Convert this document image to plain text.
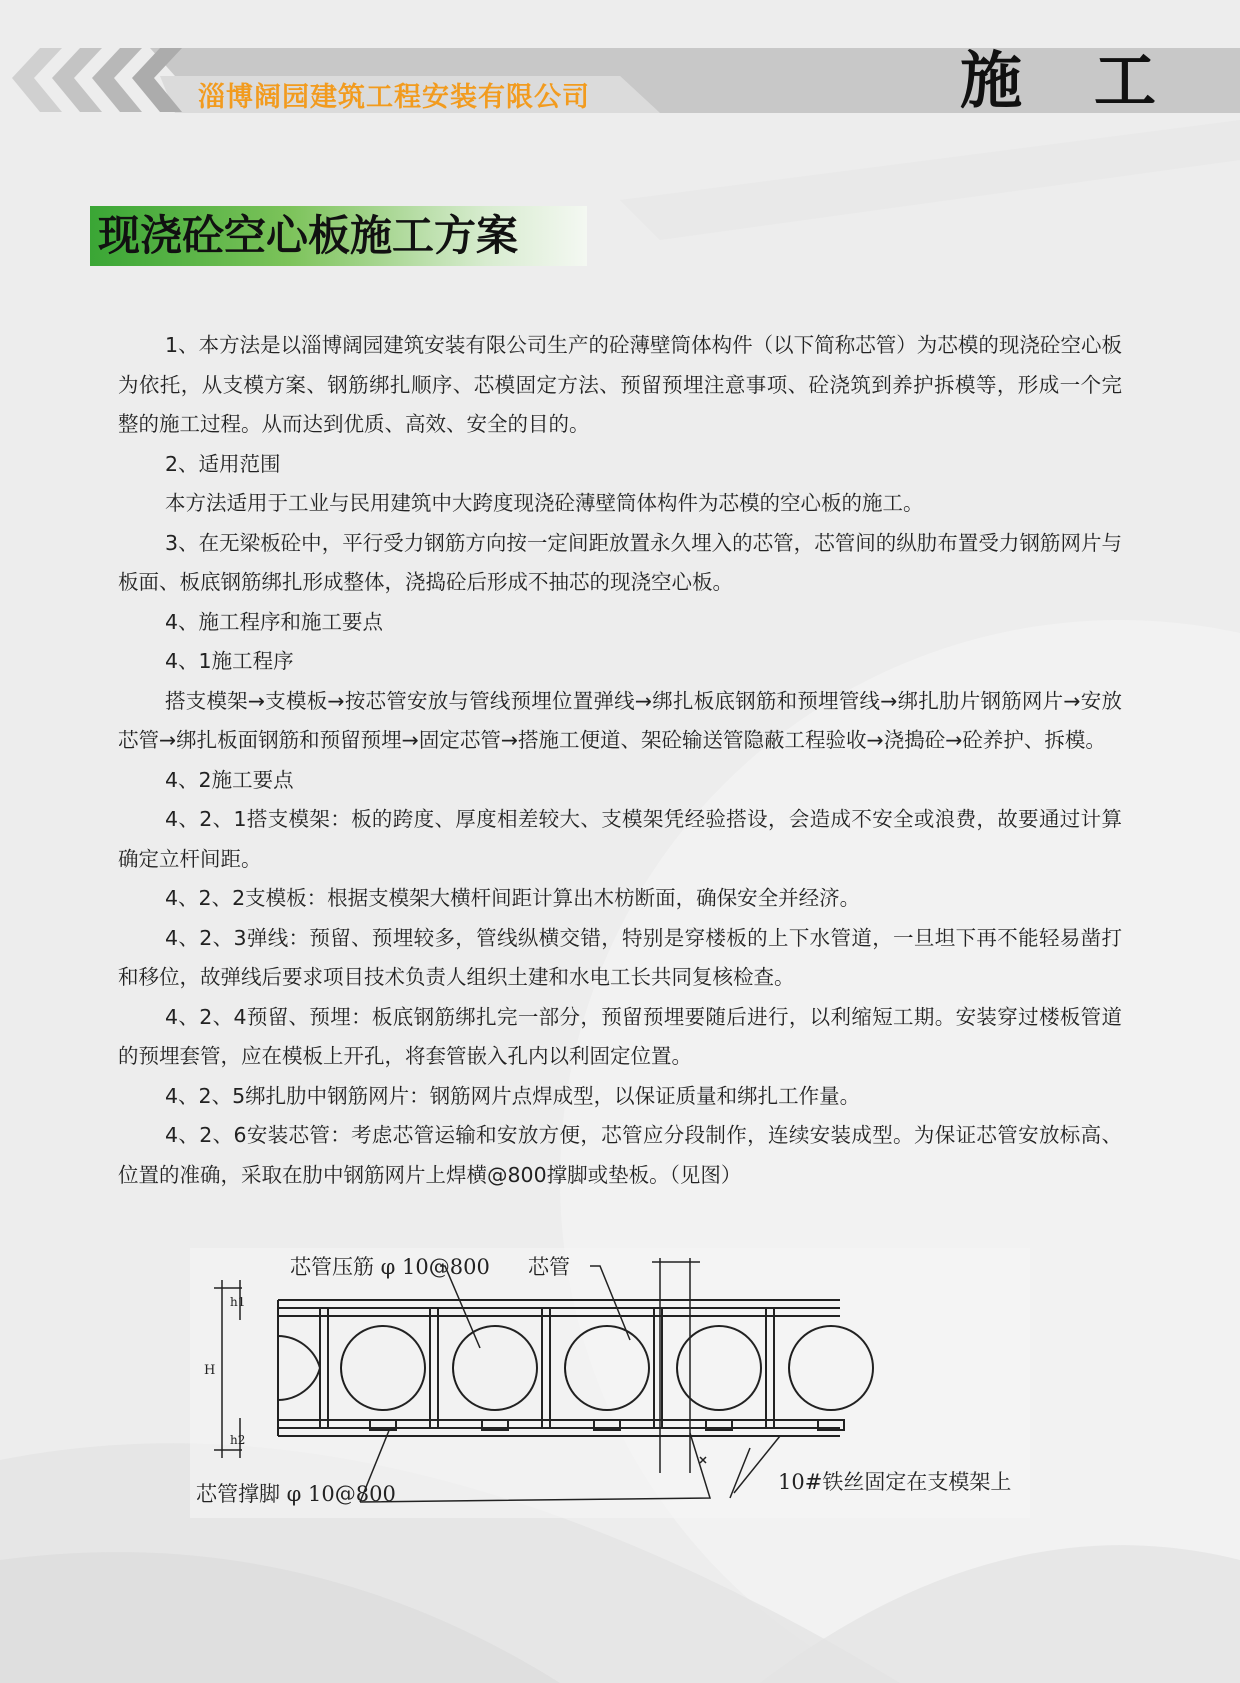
淄博阔园建筑工程安装有限公司	施工
现浇砼空心板施工方案

1、本方法是以淄博阔园建筑安装有限公司生产的砼薄壁筒体构件（以下简称芯管）为芯模的现浇砼空心板为依托，从支模方案、钢筋绑扎顺序、芯模固定方法、预留预埋注意事项、砼浇筑到养护拆模等，形成一个完整的施工过程。从而达到优质、高效、安全的目的。

2、适用范围

本方法适用于工业与民用建筑中大跨度现浇砼薄壁筒体构件为芯模的空心板的施工。

3、在无梁板砼中，平行受力钢筋方向按一定间距放置永久埋入的芯管，芯管间的纵肋布置受力钢筋网片与板面、板底钢筋绑扎形成整体，浇捣砼后形成不抽芯的现浇空心板。

4、施工程序和施工要点

4、1施工程序

搭支模架→支模板→按芯管安放与管线预埋位置弹线→绑扎板底钢筋和预埋管线→绑扎肋片钢筋网片→安放芯管→绑扎板面钢筋和预留预埋→固定芯管→搭施工便道、架砼输送管隐蔽工程验收→浇搗砼→砼养护、拆模。

4、2施工要点

4、2、1搭支模架：板的跨度、厚度相差较大、支模架凭经验搭设，会造成不安全或浪费，故要通过计算确定立杆间距。

4、2、2支模板：根据支模架大横杆间距计算出木枋断面，确保安全并经济。

4、2、3弹线：预留、预埋较多，管线纵横交错，特别是穿楼板的上下水管道，一旦坦下再不能轻易凿打和移位，故弹线后要求项目技术负责人组织土建和水电工长共同复核检查。

4、2、4预留、预埋：板底钢筋绑扎完一部分，预留预埋要随后进行，以利缩短工期。安装穿过楼板管道的预埋套管，应在模板上开孔，将套管嵌入孔内以利固定位置。

4、2、5绑扎肋中钢筋网片：钢筋网片点焊成型，以保证质量和绑扎工作量。

4、2、6安装芯管：考虑芯管运输和安放方便，芯管应分段制作，连续安装成型。为保证芯管安放标高、位置的准确，采取在肋中钢筋网片上焊横@800撑脚或垫板。（见图）

芯管压筋 φ 10@800 芯管
芯管撑脚 φ 10@800	10#铁丝固定在支模架上
H
h1
h2
